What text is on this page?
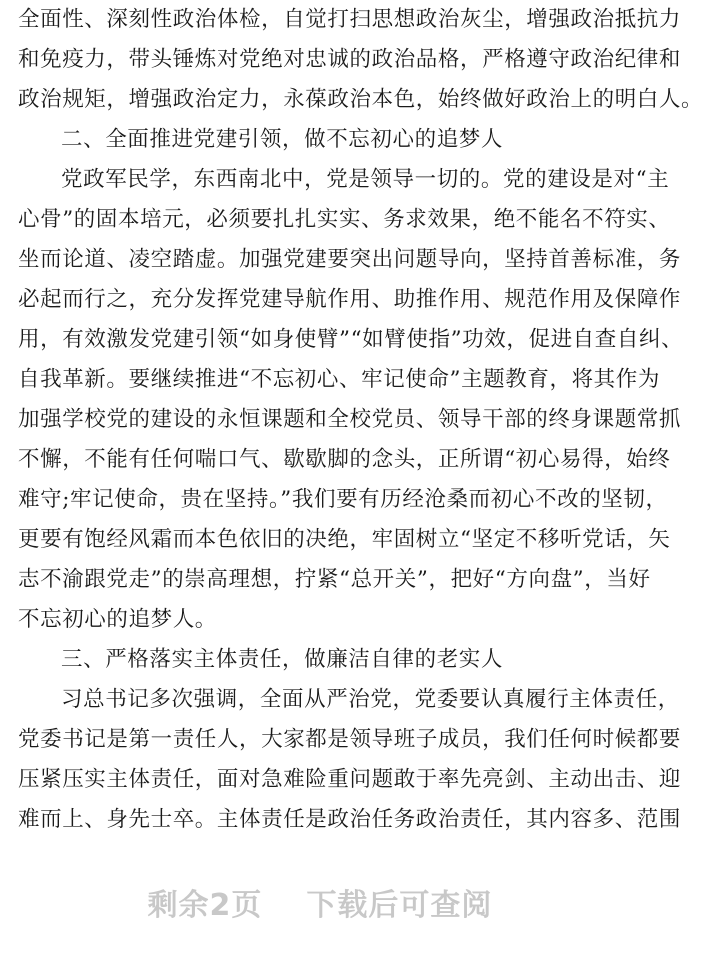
全面性、深刻性政治体检，自觉打扫思想政治灰尘，增强政治抵抗力
和免疫力，带头锤炼对党绝对忠诚的政治品格，严格遵守政治纪律和
政治规矩，增强政治定力，永葆政治本色，始终做好政治上的明白人。
二、全面推进党建引领，做不忘初心的追梦人
党政军民学，东西南北中，党是领导一切的。党的建设是对“主
心骨”的固本培元，必须要扎扎实实、务求效果，绝不能名不符实、
坐而论道、凌空踏虚。加强党建要突出问题导向，坚持首善标准，务
必起而行之，充分发挥党建导航作用、助推作用、规范作用及保障作
用，有效激发党建引领“如身使臂”“如臂使指”功效，促进自查自纠、
自我革新。要继续推进“不忘初心、牢记使命”主题教育，将其作为
加强学校党的建设的永恒课题和全校党员、领导干部的终身课题常抓
不懈，不能有任何喘口气、歇歇脚的念头，正所谓“初心易得，始终
难守;牢记使命，贵在坚持。”我们要有历经沧桑而初心不改的坚韧，
更要有饱经风霜而本色依旧的决绝，牢固树立“坚定不移听党话，矢
志不渝跟党走”的崇高理想，拧紧“总开关”，把好“方向盘”，当好
不忘初心的追梦人。
三、严格落实主体责任，做廉洁自律的老实人
习总书记多次强调，全面从严治党，党委要认真履行主体责任，
党委书记是第一责任人，大家都是领导班子成员，我们任何时候都要
压紧压实主体责任，面对急难险重问题敢于率先亮剑、主动出击、迎
难而上、身先士卒。主体责任是政治任务政治责任，其内容多、范围
剩余2页 下载后可查阅
